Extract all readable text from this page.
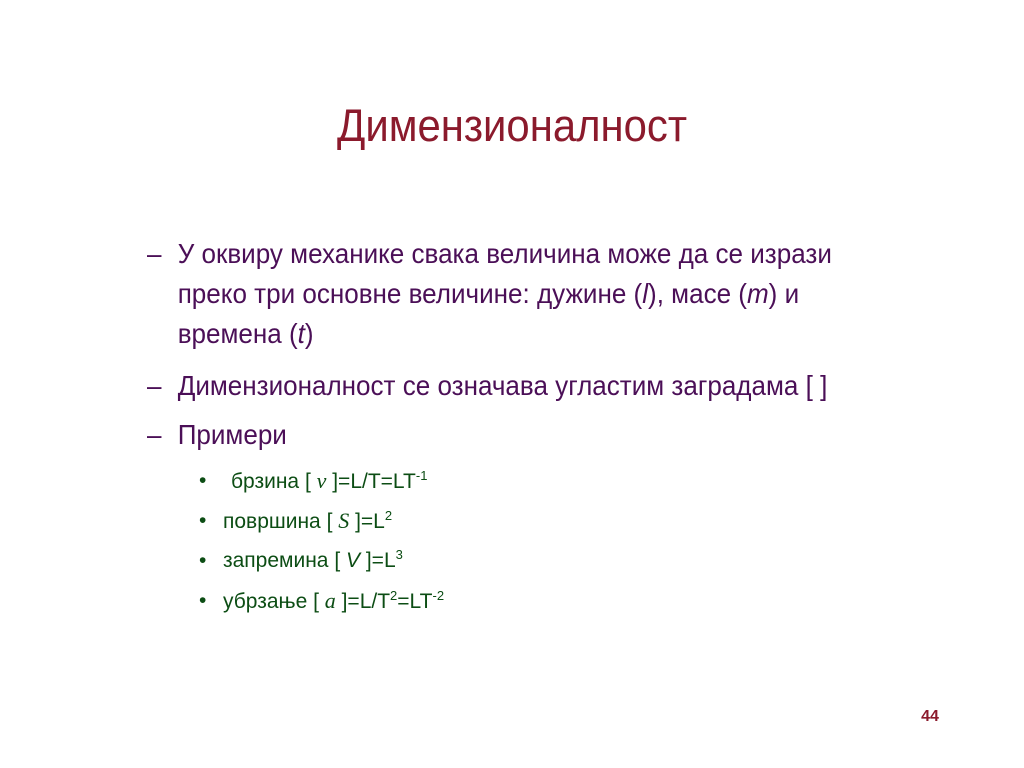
Димензионалност
– У оквиру механике свака величина може да се изрази преко три основне величине: дужине (l), масе (m) и времена (t)
– Димензионалност се означава угластим заградама [ ]
– Примери
• брзина [ v ]$=L/T=LT^{-1}$
• површина [ S ]$=L^2$
• запремина [ V ]$=L^3$
• убрзање [ a ]$=L/T^2=LT^{-2}$
44
